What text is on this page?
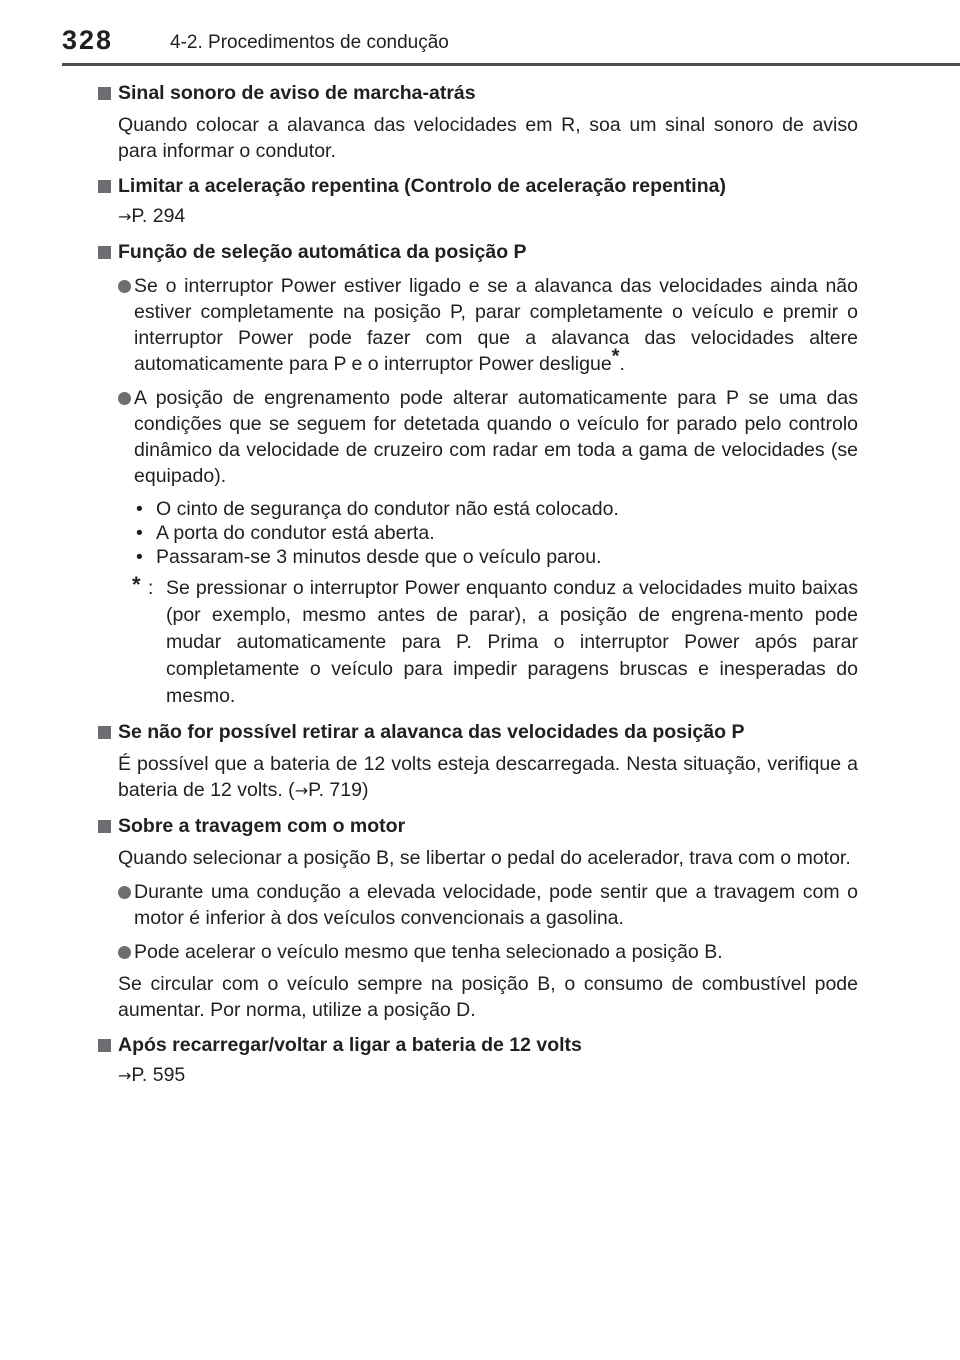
328	4-2. Procedimentos de condução
Sinal sonoro de aviso de marcha-atrás
Quando colocar a alavanca das velocidades em R, soa um sinal sonoro de aviso para informar o condutor.
Limitar a aceleração repentina (Controlo de aceleração repentina)
→P. 294
Função de seleção automática da posição P
Se o interruptor Power estiver ligado e se a alavanca das velocidades ainda não estiver completamente na posição P, parar completamente o veículo e premir o interruptor Power pode fazer com que a alavanca das velocidades altere automaticamente para P e o interruptor Power desligue*.
A posição de engrenamento pode alterar automaticamente para P se uma das condições que se seguem for detetada quando o veículo for parado pelo controlo dinâmico da velocidade de cruzeiro com radar em toda a gama de velocidades (se equipado).
• O cinto de segurança do condutor não está colocado.
• A porta do condutor está aberta.
• Passaram-se 3 minutos desde que o veículo parou.
* : Se pressionar o interruptor Power enquanto conduz a velocidades muito baixas (por exemplo, mesmo antes de parar), a posição de engrena-mento pode mudar automaticamente para P. Prima o interruptor Power após parar completamente o veículo para impedir paragens bruscas e inesperadas do mesmo.
Se não for possível retirar a alavanca das velocidades da posição P
É possível que a bateria de 12 volts esteja descarregada. Nesta situação, verifique a bateria de 12 volts. (→P. 719)
Sobre a travagem com o motor
Quando selecionar a posição B, se libertar o pedal do acelerador, trava com o motor.
Durante uma condução a elevada velocidade, pode sentir que a travagem com o motor é inferior à dos veículos convencionais a gasolina.
Pode acelerar o veículo mesmo que tenha selecionado a posição B.
Se circular com o veículo sempre na posição B, o consumo de combustível pode aumentar. Por norma, utilize a posição D.
Após recarregar/voltar a ligar a bateria de 12 volts
→P. 595
